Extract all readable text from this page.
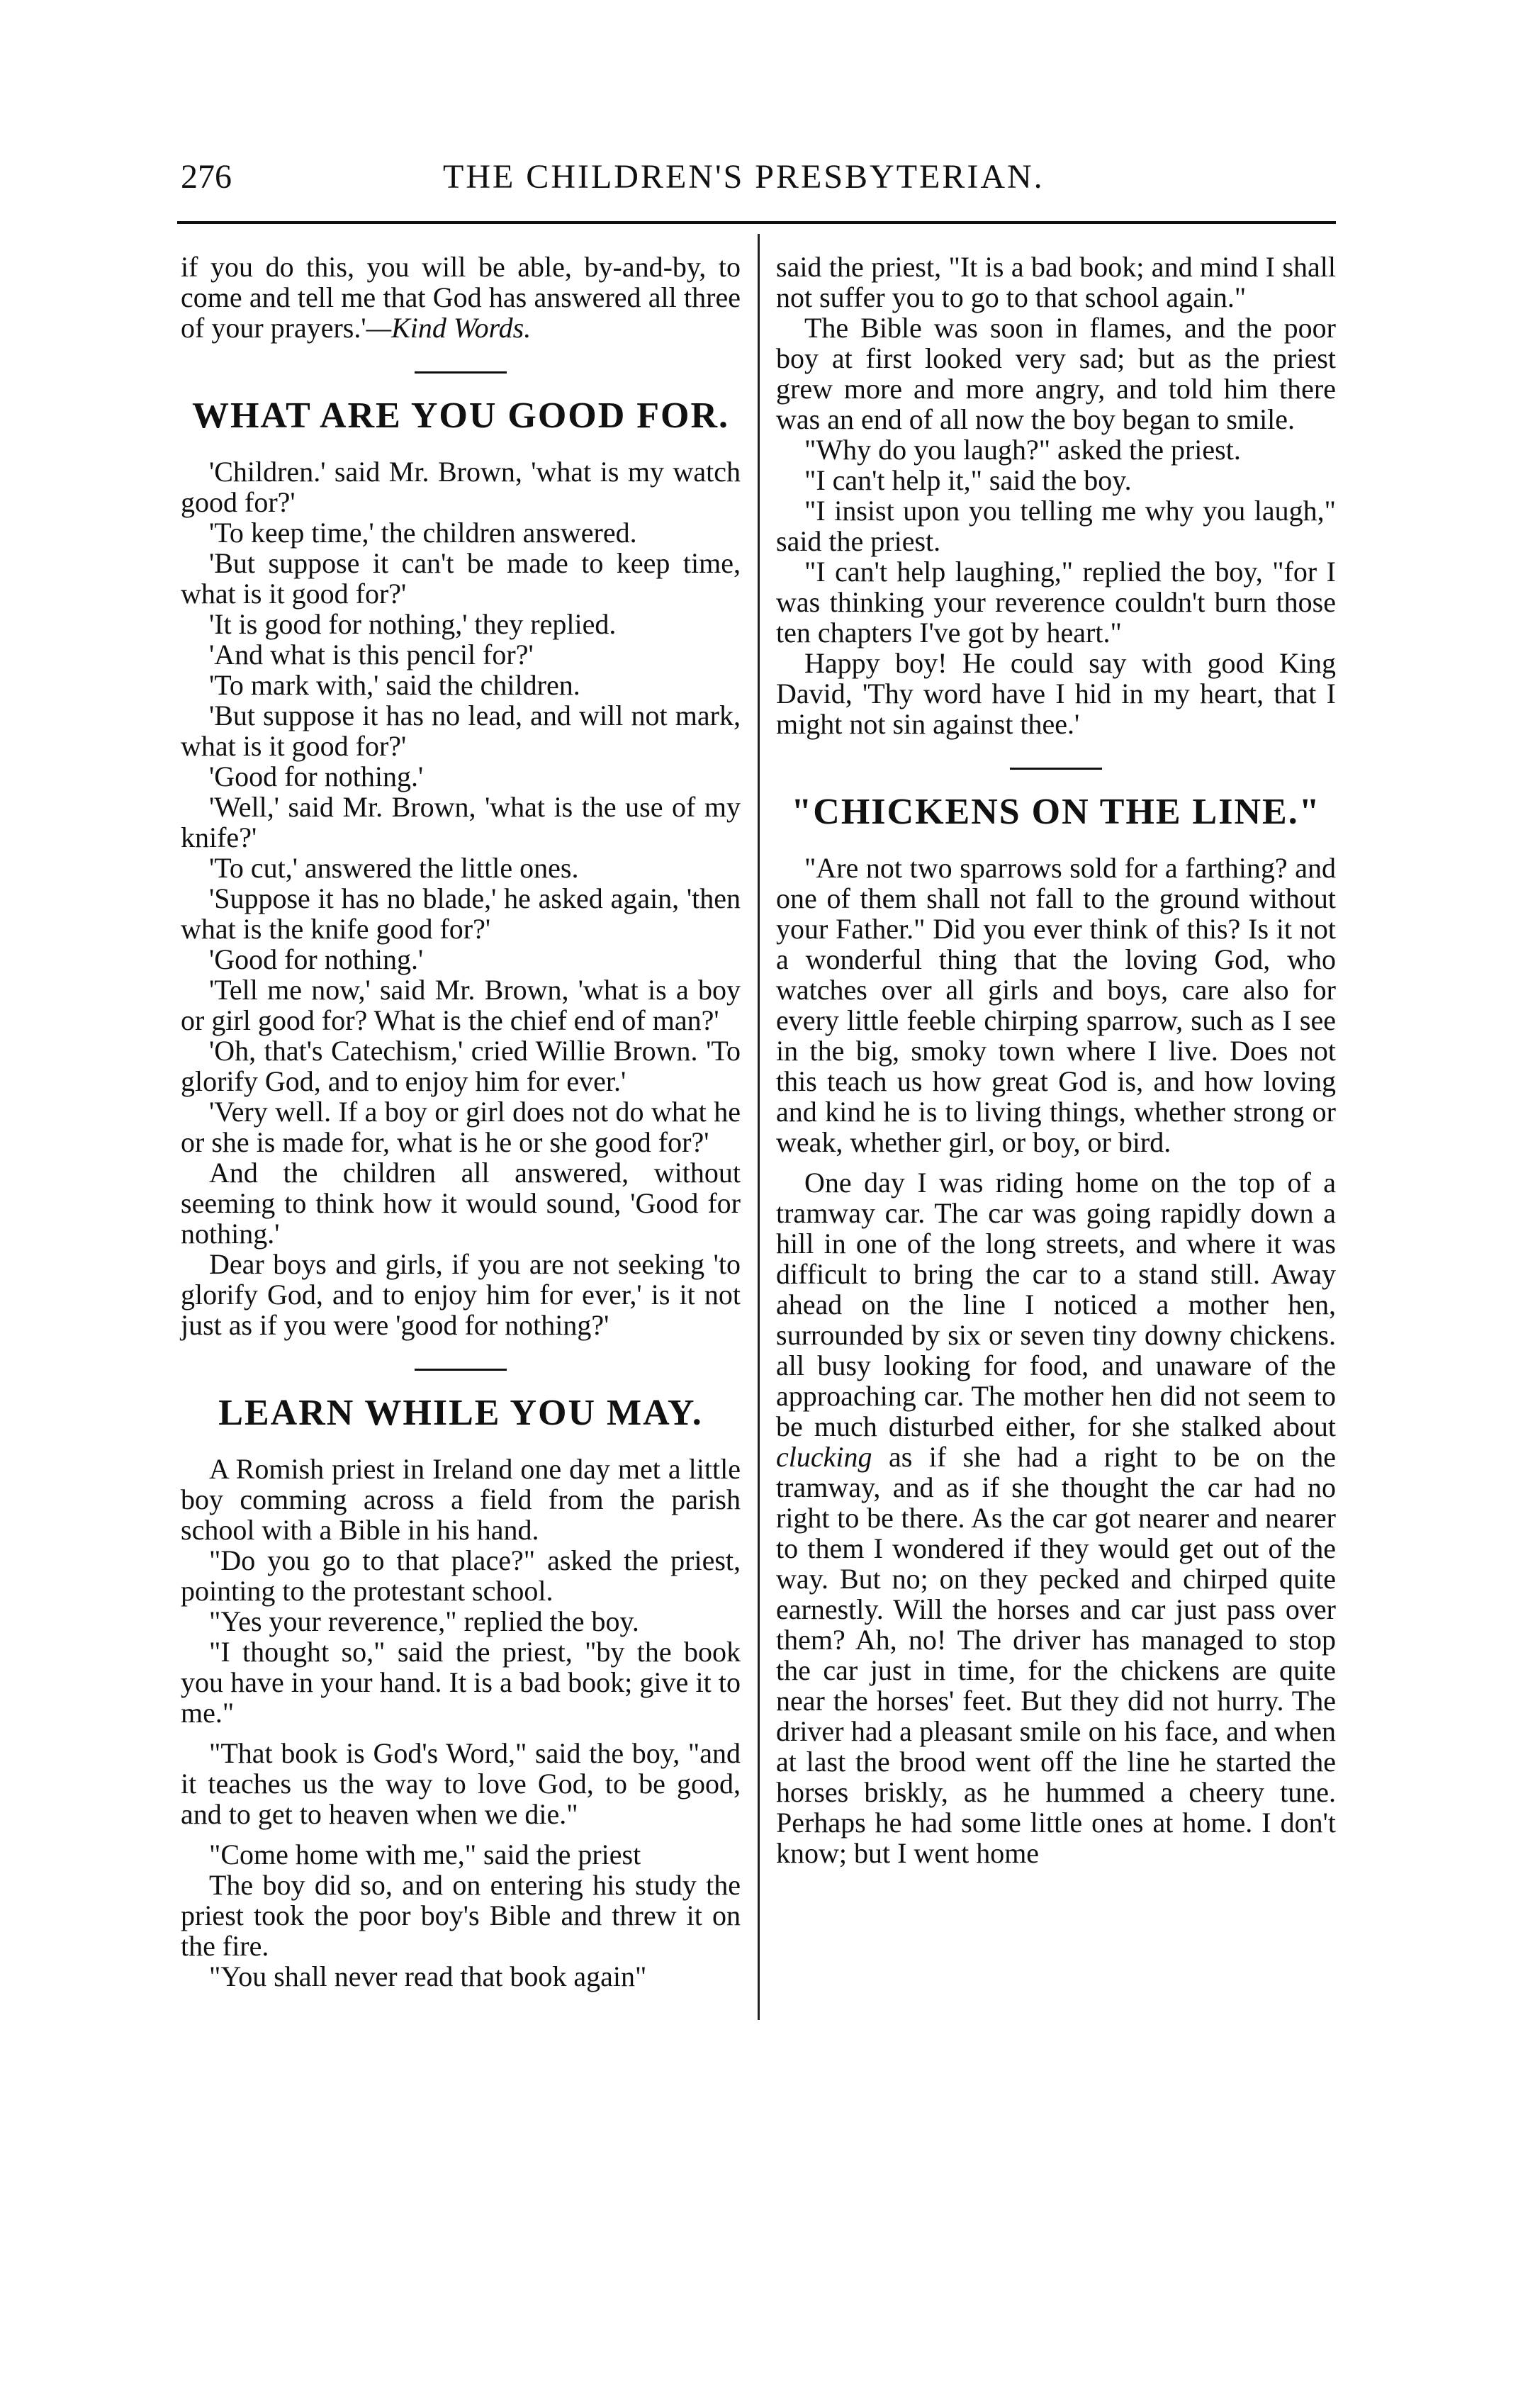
276	THE CHILDREN'S PRESBYTERIAN.

if you do this, you will be able, by-and-by, to come and tell me that God has answered all three of your prayers.'—Kind Words.

WHAT ARE YOU GOOD FOR.

'Children.' said Mr. Brown, 'what is my watch good for?'

'To keep time,' the children answered.

'But suppose it can't be made to keep time, what is it good for?'

'It is good for nothing,' they replied.

'And what is this pencil for?'

'To mark with,' said the children.

'But suppose it has no lead, and will not mark, what is it good for?'

'Good for nothing.'

'Well,' said Mr. Brown, 'what is the use of my knife?'

'To cut,' answered the little ones.

'Suppose it has no blade,' he asked again, 'then what is the knife good for?'

'Good for nothing.'

'Tell me now,' said Mr. Brown, 'what is a boy or girl good for? What is the chief end of man?'

'Oh, that's Catechism,' cried Willie Brown. 'To glorify God, and to enjoy him for ever.'

'Very well. If a boy or girl does not do what he or she is made for, what is he or she good for?'

And the children all answered, without seeming to think how it would sound, 'Good for nothing.'

Dear boys and girls, if you are not seeking 'to glorify God, and to enjoy him for ever,' is it not just as if you were 'good for nothing?'

LEARN WHILE YOU MAY.

A Romish priest in Ireland one day met a little boy comming across a field from the parish school with a Bible in his hand.

"Do you go to that place?" asked the priest, pointing to the protestant school.

"Yes your reverence," replied the boy.

"I thought so," said the priest, "by the book you have in your hand. It is a bad book; give it to me."

"That book is God's Word," said the boy, "and it teaches us the way to love God, to be good, and to get to heaven when we die."

"Come home with me," said the priest

The boy did so, and on entering his study the priest took the poor boy's Bible and threw it on the fire.

"You shall never read that book again"

said the priest, "It is a bad book; and mind I shall not suffer you to go to that school again."

The Bible was soon in flames, and the poor boy at first looked very sad; but as the priest grew more and more angry, and told him there was an end of all now the boy began to smile.

"Why do you laugh?" asked the priest.

"I can't help it," said the boy.

"I insist upon you telling me why you laugh," said the priest.

"I can't help laughing," replied the boy, "for I was thinking your reverence couldn't burn those ten chapters I've got by heart."

Happy boy! He could say with good King David, 'Thy word have I hid in my heart, that I might not sin against thee.'

"CHICKENS ON THE LINE."

"Are not two sparrows sold for a farthing? and one of them shall not fall to the ground without your Father." Did you ever think of this? Is it not a wonderful thing that the loving God, who watches over all girls and boys, care also for every little feeble chirping sparrow, such as I see in the big, smoky town where I live. Does not this teach us how great God is, and how loving and kind he is to living things, whether strong or weak, whether girl, or boy, or bird.

One day I was riding home on the top of a tramway car. The car was going rapidly down a hill in one of the long streets, and where it was difficult to bring the car to a stand still. Away ahead on the line I noticed a mother hen, surrounded by six or seven tiny downy chickens. all busy looking for food, and unaware of the approaching car. The mother hen did not seem to be much disturbed either, for she stalked about clucking as if she had a right to be on the tramway, and as if she thought the car had no right to be there. As the car got nearer and nearer to them I wondered if they would get out of the way. But no; on they pecked and chirped quite earnestly. Will the horses and car just pass over them? Ah, no! The driver has managed to stop the car just in time, for the chickens are quite near the horses' feet. But they did not hurry. The driver had a pleasant smile on his face, and when at last the brood went off the line he started the horses briskly, as he hummed a cheery tune. Perhaps he had some little ones at home. I don't know; but I went home
